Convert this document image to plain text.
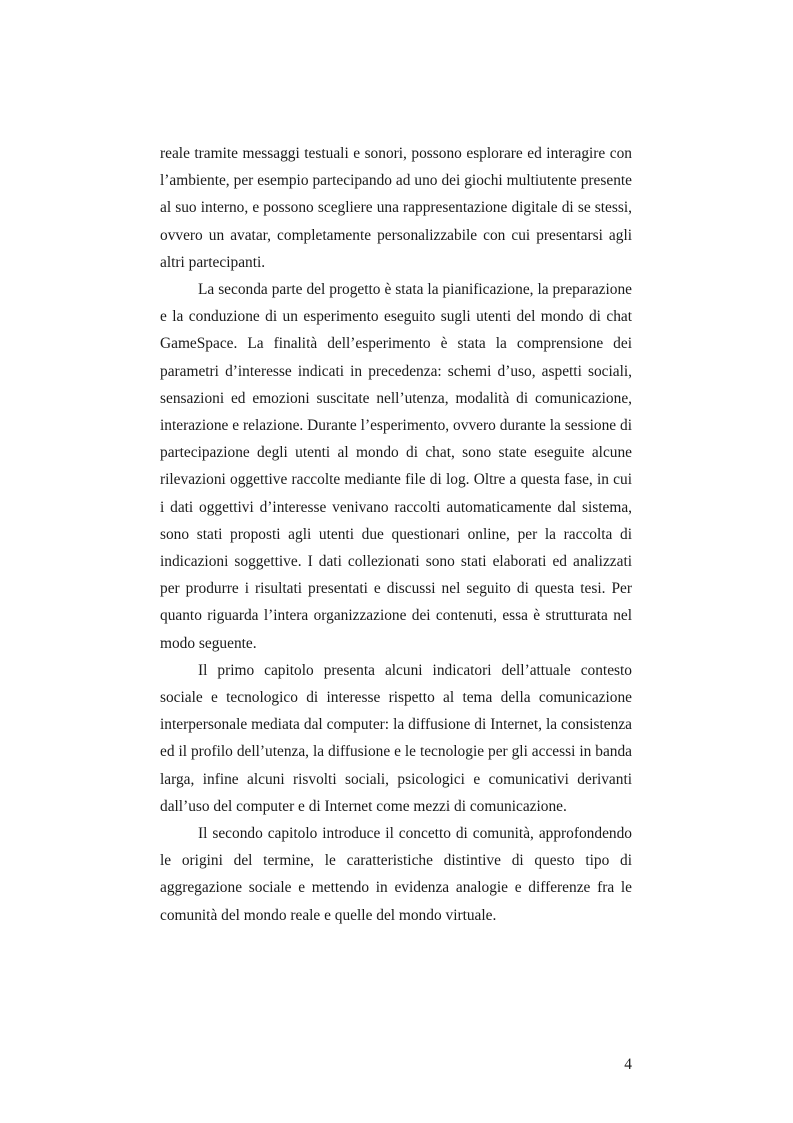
reale tramite messaggi testuali e sonori, possono esplorare ed interagire con l’ambiente, per esempio partecipando ad uno dei giochi multiutente presente al suo interno, e possono scegliere una rappresentazione digitale di se stessi, ovvero un avatar, completamente personalizzabile con cui presentarsi agli altri partecipanti.

La seconda parte del progetto è stata la pianificazione, la preparazione e la conduzione di un esperimento eseguito sugli utenti del mondo di chat GameSpace. La finalità dell’esperimento è stata la comprensione dei parametri d’interesse indicati in precedenza: schemi d’uso, aspetti sociali, sensazioni ed emozioni suscitate nell’utenza, modalità di comunicazione, interazione e relazione. Durante l’esperimento, ovvero durante la sessione di partecipazione degli utenti al mondo di chat, sono state eseguite alcune rilevazioni oggettive raccolte mediante file di log. Oltre a questa fase, in cui i dati oggettivi d’interesse venivano raccolti automaticamente dal sistema, sono stati proposti agli utenti due questionari online, per la raccolta di indicazioni soggettive. I dati collezionati sono stati elaborati ed analizzati per produrre i risultati presentati e discussi nel seguito di questa tesi. Per quanto riguarda l’intera organizzazione dei contenuti, essa è strutturata nel modo seguente.

Il primo capitolo presenta alcuni indicatori dell’attuale contesto sociale e tecnologico di interesse rispetto al tema della comunicazione interpersonale mediata dal computer: la diffusione di Internet, la consistenza ed il profilo dell’utenza, la diffusione e le tecnologie per gli accessi in banda larga, infine alcuni risvolti sociali, psicologici e comunicativi derivanti dall’uso del computer e di Internet come mezzi di comunicazione.

Il secondo capitolo introduce il concetto di comunità, approfondendo le origini del termine, le caratteristiche distintive di questo tipo di aggregazione sociale e mettendo in evidenza analogie e differenze fra le comunità del mondo reale e quelle del mondo virtuale.

4
